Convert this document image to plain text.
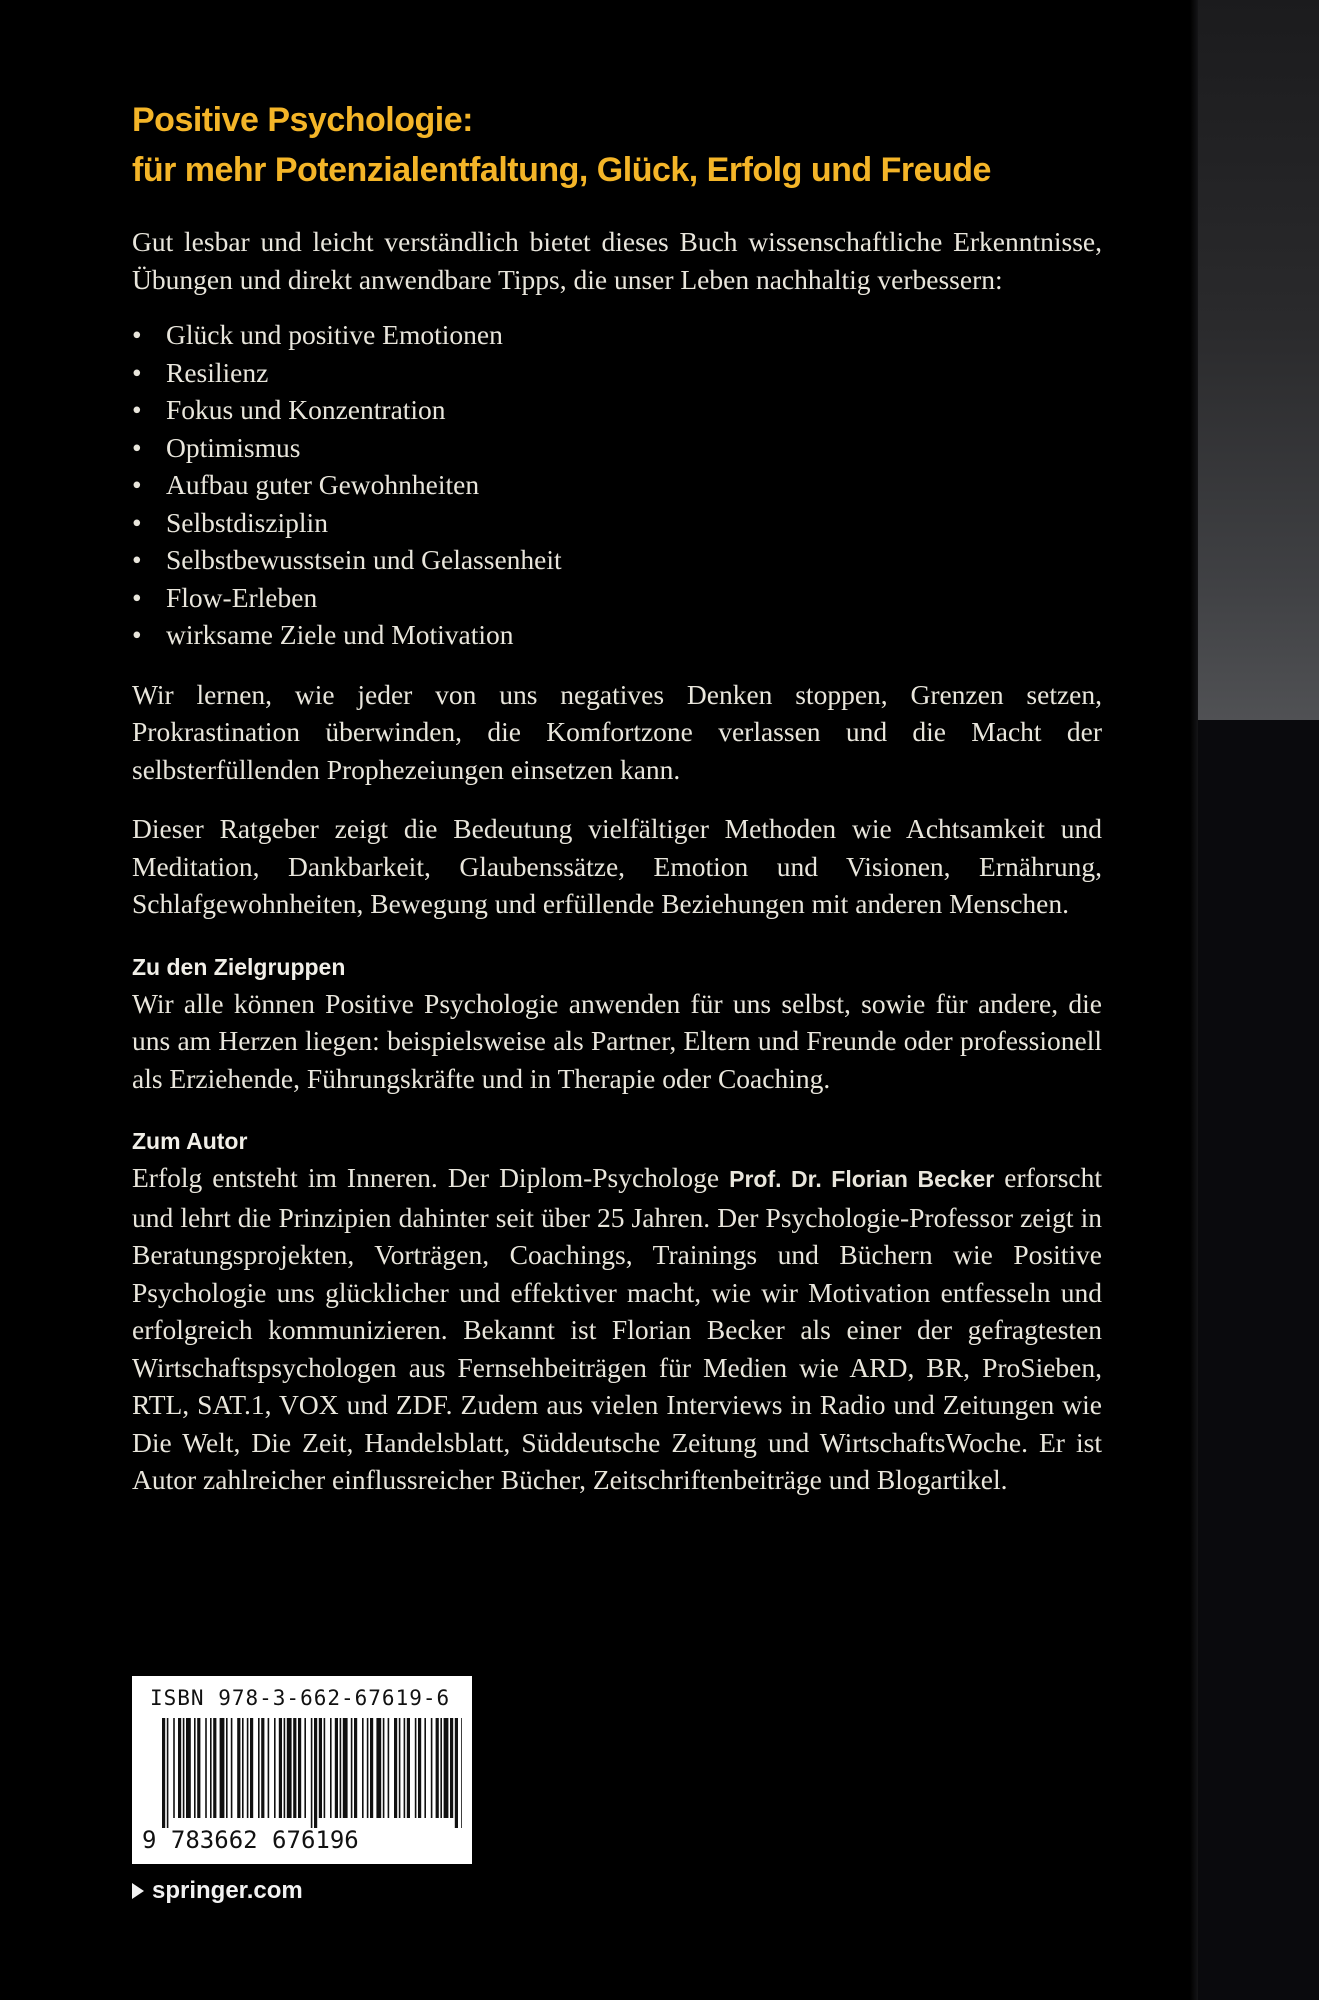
Positive Psychologie:
für mehr Potenzialentfaltung, Glück, Erfolg und Freude

Gut lesbar und leicht verständlich bietet dieses Buch wissenschaftliche Erkenntnisse, Übungen und direkt anwendbare Tipps, die unser Leben nachhaltig verbessern:

• Glück und positive Emotionen
• Resilienz
• Fokus und Konzentration
• Optimismus
• Aufbau guter Gewohnheiten
• Selbstdisziplin
• Selbstbewusstsein und Gelassenheit
• Flow-Erleben
• wirksame Ziele und Motivation

Wir lernen, wie jeder von uns negatives Denken stoppen, Grenzen setzen, Prokrastination überwinden, die Komfortzone verlassen und die Macht der selbsterfüllenden Prophezeiungen einsetzen kann.

Dieser Ratgeber zeigt die Bedeutung vielfältiger Methoden wie Achtsamkeit und Meditation, Dankbarkeit, Glaubenssätze, Emotion und Visionen, Ernährung, Schlafgewohnheiten, Bewegung und erfüllende Beziehungen mit anderen Menschen.

Zu den Zielgruppen

Wir alle können Positive Psychologie anwenden für uns selbst, sowie für andere, die uns am Herzen liegen: beispielsweise als Partner, Eltern und Freunde oder professionell als Erziehende, Führungskräfte und in Therapie oder Coaching.

Zum Autor

Erfolg entsteht im Inneren. Der Diplom-Psychologe Prof. Dr. Florian Becker erforscht und lehrt die Prinzipien dahinter seit über 25 Jahren. Der Psychologie-Professor zeigt in Beratungsprojekten, Vorträgen, Coachings, Trainings und Büchern wie Positive Psychologie uns glücklicher und effektiver macht, wie wir Motivation entfesseln und erfolgreich kommunizieren. Bekannt ist Florian Becker als einer der gefragtesten Wirtschaftspsychologen aus Fernsehbeiträgen für Medien wie ARD, BR, ProSieben, RTL, SAT.1, VOX und ZDF. Zudem aus vielen Interviews in Radio und Zeitungen wie Die Welt, Die Zeit, Handelsblatt, Süddeutsche Zeitung und WirtschaftsWoche. Er ist Autor zahlreicher einflussreicher Bücher, Zeitschriftenbeiträge und Blogartikel.

ISBN 978-3-662-67619-6
9 783662 676196
springer.com
